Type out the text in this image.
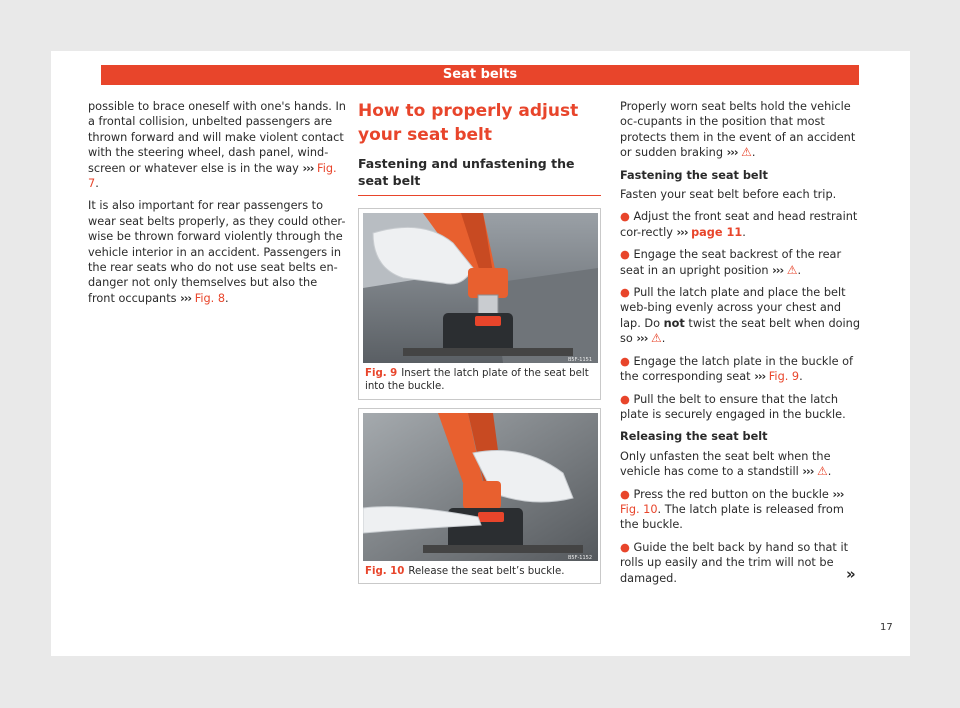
Seat belts

possible to brace oneself with one's hands. In a frontal collision, unbelted passengers are thrown forward and will make violent contact with the steering wheel, dash panel, wind-screen or whatever else is in the way ››› Fig. 7.

It is also important for rear passengers to wear seat belts properly, as they could other-wise be thrown forward violently through the vehicle interior in an accident. Passengers in the rear seats who do not use seat belts en-danger not only themselves but also the front occupants ››› Fig. 8.

How to properly adjust your seat belt
Fastening and unfastening the seat belt
B5F-1151
Fig. 9 Insert the latch plate of the seat belt into the buckle.
B5F-1152
Fig. 10 Release the seat belt’s buckle.

Properly worn seat belts hold the vehicle oc-cupants in the position that most protects them in the event of an accident or sudden braking ››› ⚠.

Fastening the seat belt

Fasten your seat belt before each trip.

● Adjust the front seat and head restraint cor-rectly ››› page 11.

● Engage the seat backrest of the rear seat in an upright position ››› ⚠.

● Pull the latch plate and place the belt web-bing evenly across your chest and lap. Do not twist the seat belt when doing so ››› ⚠.

● Engage the latch plate in the buckle of the corresponding seat ››› Fig. 9.

● Pull the belt to ensure that the latch plate is securely engaged in the buckle.

Releasing the seat belt

Only unfasten the seat belt when the vehicle has come to a standstill ››› ⚠.

● Press the red button on the buckle ››› Fig. 10. The latch plate is released from the buckle.

● Guide the belt back by hand so that it rolls up easily and the trim will not be damaged.	»
17
